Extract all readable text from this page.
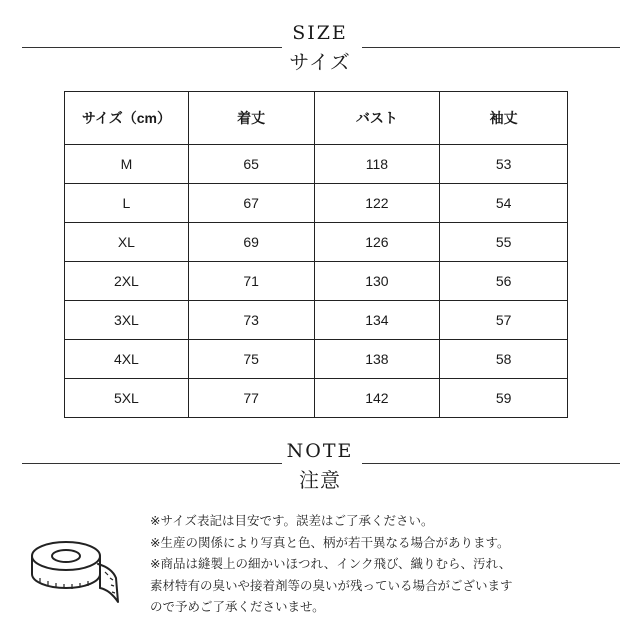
SIZE
サイズ
サイズ（cm）	着丈	バスト	袖丈
M	65	118	53
L	67	122	54
XL	69	126	55
2XL	71	130	56
3XL	73	134	57
4XL	75	138	58
5XL	77	142	59
NOTE
注意
※サイズ表記は目安です。誤差はご了承ください。
※生産の関係により写真と色、柄が若干異なる場合があります。
※商品は縫製上の細かいほつれ、インク飛び、織りむら、汚れ、
素材特有の臭いや接着剤等の臭いが残っている場合がございます
ので予めご了承くださいませ。
